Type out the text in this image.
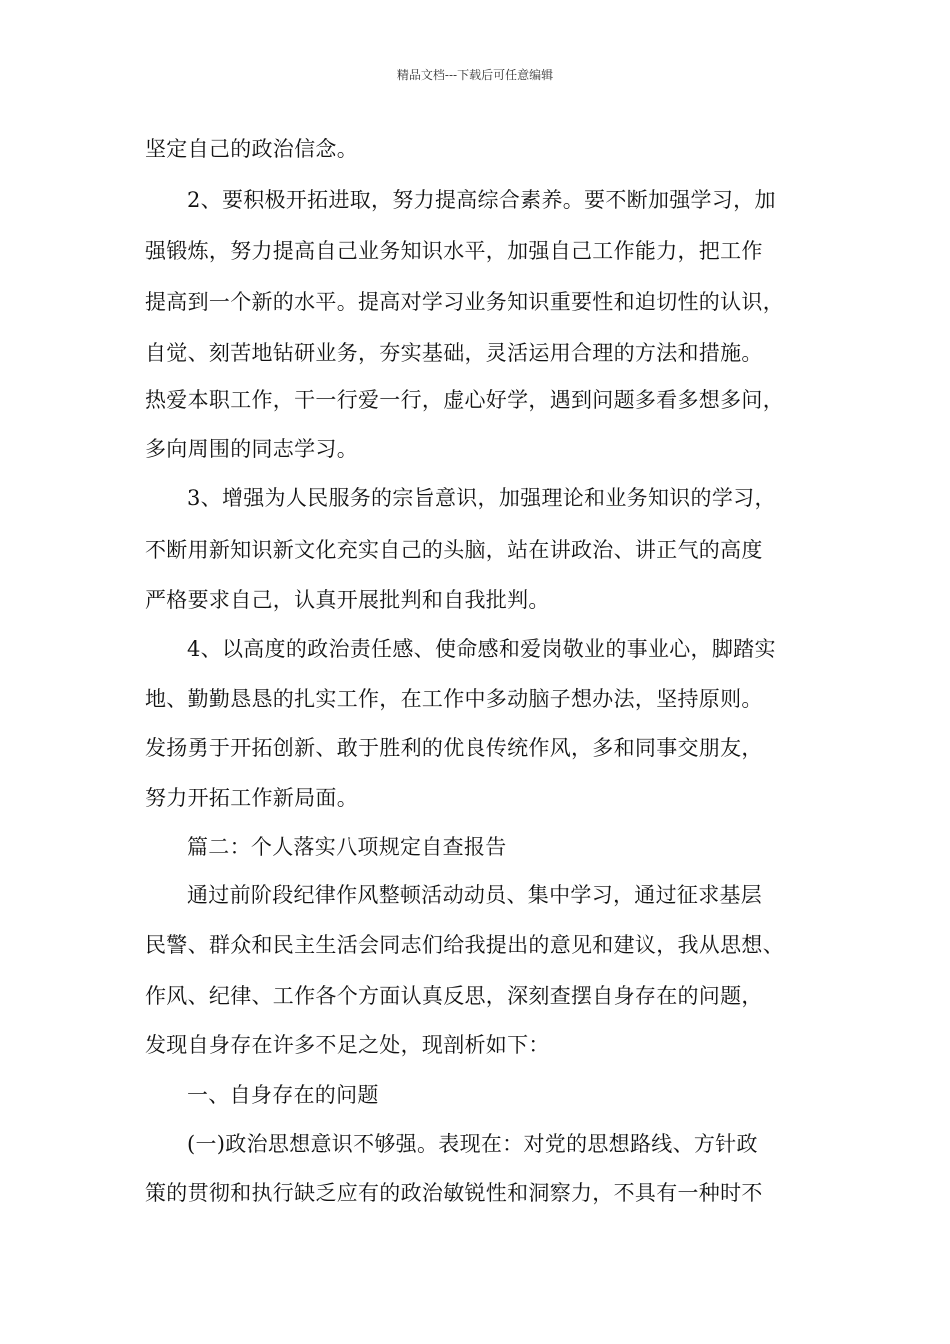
精品文档---下载后可任意编辑
坚定自己的政治信念。
2、要积极开拓进取，努力提高综合素养。要不断加强学习，加
强锻炼，努力提高自己业务知识水平，加强自己工作能力，把工作
提高到一个新的水平。提高对学习业务知识重要性和迫切性的认识，
自觉、刻苦地钻研业务，夯实基础，灵活运用合理的方法和措施。
热爱本职工作，干一行爱一行，虚心好学，遇到问题多看多想多问，
多向周围的同志学习。
3、增强为人民服务的宗旨意识，加强理论和业务知识的学习，
不断用新知识新文化充实自己的头脑，站在讲政治、讲正气的高度
严格要求自己，认真开展批判和自我批判。
4、以高度的政治责任感、使命感和爱岗敬业的事业心，脚踏实
地、勤勤恳恳的扎实工作，在工作中多动脑子想办法，坚持原则。
发扬勇于开拓创新、敢于胜利的优良传统作风，多和同事交朋友，
努力开拓工作新局面。
篇二：个人落实八项规定自查报告
通过前阶段纪律作风整顿活动动员、集中学习，通过征求基层
民警、群众和民主生活会同志们给我提出的意见和建议，我从思想、
作风、纪律、工作各个方面认真反思，深刻查摆自身存在的问题，
发现自身存在许多不足之处，现剖析如下：
一、自身存在的问题
(一)政治思想意识不够强。表现在：对党的思想路线、方针政
策的贯彻和执行缺乏应有的政治敏锐性和洞察力，不具有一种时不
